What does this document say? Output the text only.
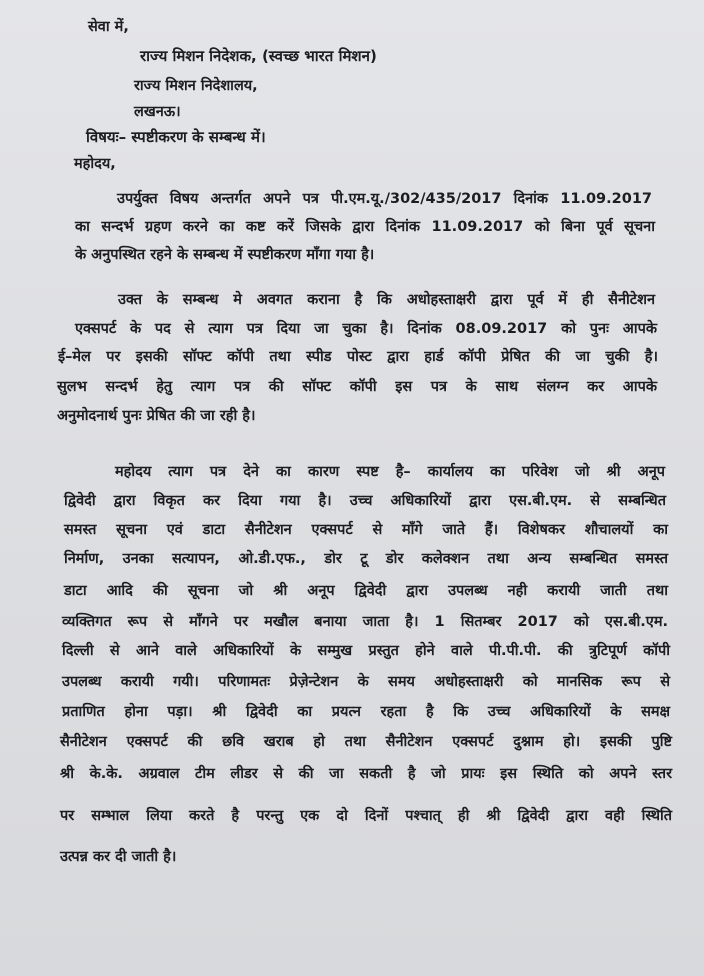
सेवा में,
राज्य मिशन निदेशक, (स्वच्छ भारत मिशन)
राज्य मिशन निदेशालय,
लखनऊ।
विषयः– स्पष्टीकरण के सम्बन्ध में।
महोदय,
उपर्युक्त विषय अन्तर्गत अपने पत्र पी.एम.यू./302/435/2017 दिनांक 11.09.2017
का सन्दर्भ ग्रहण करने का कष्ट करें जिसके द्वारा दिनांक 11.09.2017 को बिना पूर्व सूचना
के अनुपस्थित रहने के सम्बन्ध में स्पष्टीकरण माँगा गया है।
उक्त के सम्बन्ध मे अवगत कराना है कि अधोहस्ताक्षरी द्वारा पूर्व में ही सैनीटेशन
एक्सपर्ट के पद से त्याग पत्र दिया जा चुका है। दिनांक 08.09.2017 को पुनः आपके
ई–मेल पर इसकी सॉफ्ट कॉपी तथा स्पीड पोस्ट द्वारा हार्ड कॉपी प्रेषित की जा चुकी है।
सुलभ सन्दर्भ हेतु त्याग पत्र की सॉफ्ट कॉपी इस पत्र के साथ संलग्न कर आपके
अनुमोदनार्थ पुनः प्रेषित की जा रही है।
महोदय त्याग पत्र देने का कारण स्पष्ट है– कार्यालय का परिवेश जो श्री अनूप
द्विवेदी द्वारा विकृत कर दिया गया है। उच्च अधिकारियों द्वारा एस.बी.एम. से सम्बन्धित
समस्त सूचना एवं डाटा सैनीटेशन एक्सपर्ट से माँगे जाते हैं। विशेषकर शौचालयों का
निर्माण, उनका सत्यापन, ओ.डी.एफ., डोर टू डोर कलेक्शन तथा अन्य सम्बन्धित समस्त
डाटा आदि की सूचना जो श्री अनूप द्विवेदी द्वारा उपलब्ध नही करायी जाती तथा
व्यक्तिगत रूप से माँगने पर मखौल बनाया जाता है। 1 सितम्बर 2017 को एस.बी.एम.
दिल्ली से आने वाले अधिकारियों के सम्मुख प्रस्तुत होने वाले पी.पी.पी. की त्रुटिपूर्ण कॉपी
उपलब्ध करायी गयी। परिणामतः प्रेज़ेन्टेशन के समय अधोहस्ताक्षरी को मानसिक रूप से
प्रताणित होना पड़ा। श्री द्विवेदी का प्रयत्न रहता है कि उच्च अधिकारियों के समक्ष
सैनीटेशन एक्सपर्ट की छवि खराब हो तथा सैनीटेशन एक्सपर्ट दुश्नाम हो। इसकी पुष्टि
श्री के.के. अग्रवाल टीम लीडर से की जा सकती है जो प्रायः इस स्थिति को अपने स्तर
पर सम्भाल लिया करते है परन्तु एक दो दिनों पश्चात् ही श्री द्विवेदी द्वारा वही स्थिति
उत्पन्न कर दी जाती है।
